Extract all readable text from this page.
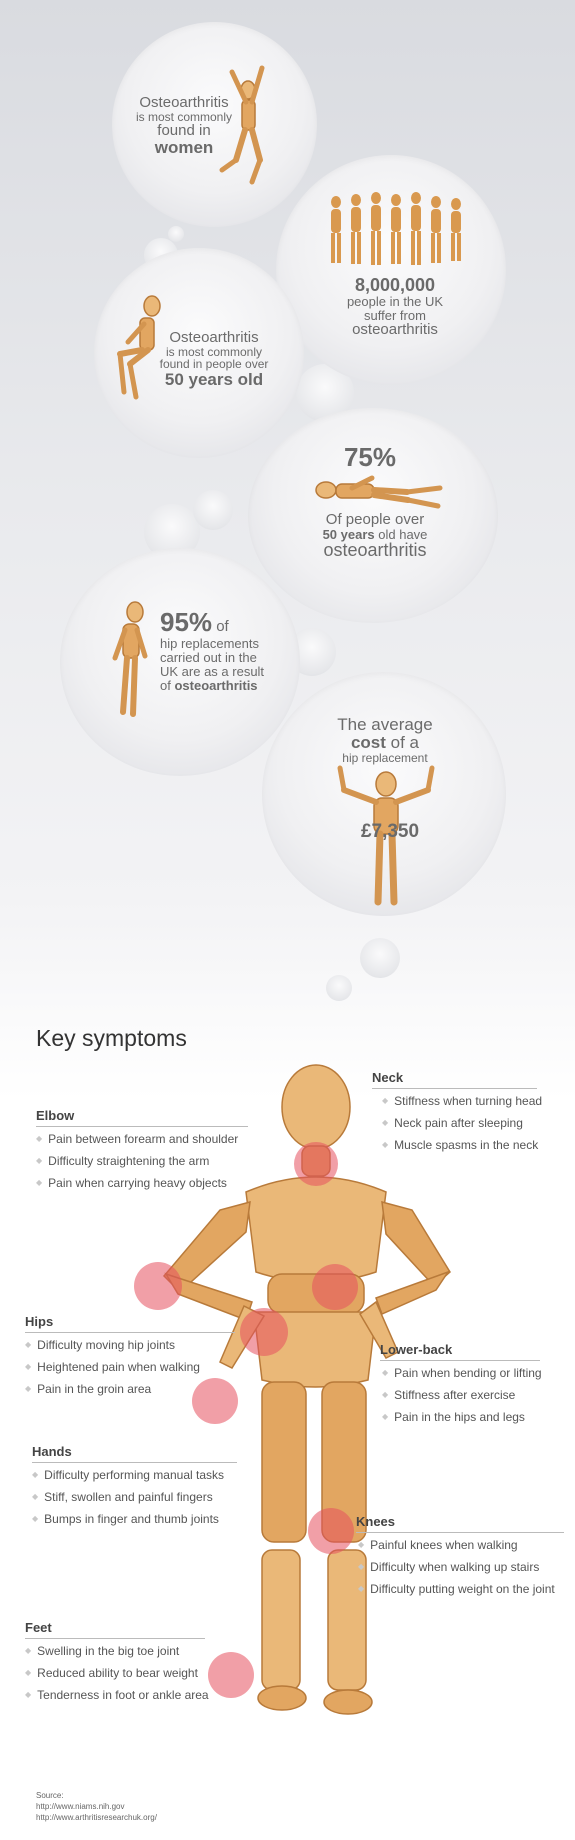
Osteoarthritis
is most commonly
found in
women
8,000,000
people in the UK
suffer from
osteoarthritis
Osteoarthritis
is most commonly
found in people over
50 years old
75%
Of people over
50 years old have
osteoarthritis
95% of
hip replacements
carried out in the
UK are as a result
of osteoarthritis
The average
cost of a
hip replacement
£7,350
Key symptoms
Neck
◆ Stiffness when turning head
◆ Neck pain after sleeping
◆ Muscle spasms in the neck
Elbow
◆ Pain between forearm and shoulder
◆ Difficulty straightening the arm
◆ Pain when carrying heavy objects
Hips
◆ Difficulty moving hip joints
◆ Heightened pain when walking
◆ Pain in the groin area
Lower-back
◆ Pain when bending or lifting
◆ Stiffness after exercise
◆ Pain in the hips and legs
Hands
◆ Difficulty performing manual tasks
◆ Stiff, swollen and painful fingers
◆ Bumps in finger and thumb joints	Knees
◆ Painful knees when walking
◆ Difficulty when walking up stairs
◆ Difficulty putting weight on the joint
Feet
◆ Swelling in the big toe joint
◆ Reduced ability to bear weight
◆ Tenderness in foot or ankle area
Source:
http://www.niams.nih.gov
http://www.arthritisresearchuk.org/
